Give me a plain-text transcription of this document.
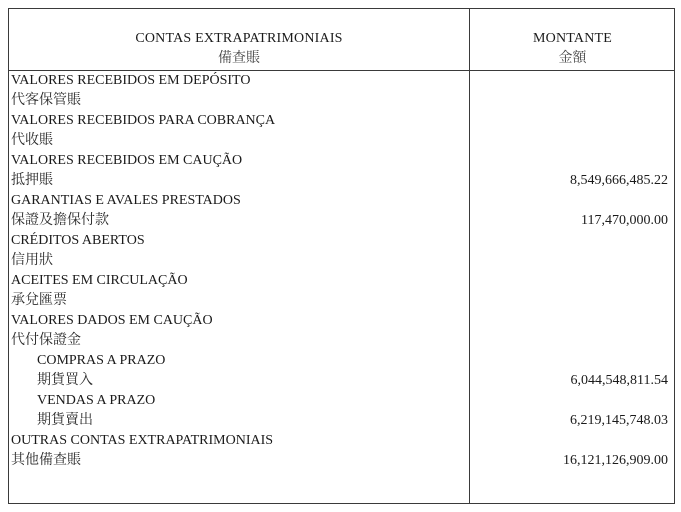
CONTAS EXTRAPATRIMONIAIS
備查賬
MONTANTE
金額
VALORES RECEBIDOS EM DEPÓSITO
代客保管賬
VALORES RECEBIDOS PARA COBRANÇA
代收賬
VALORES RECEBIDOS EM CAUÇÃO
抵押賬	8,549,666,485.22
GARANTIAS E AVALES PRESTADOS
保證及擔保付款	117,470,000.00
CRÉDITOS ABERTOS
信用狀
ACEITES EM CIRCULAÇÃO
承兌匯票
VALORES DADOS EM CAUÇÃO
代付保證金
COMPRAS A PRAZO
期貨買入	6,044,548,811.54
VENDAS A PRAZO
期貨賣出	6,219,145,748.03
OUTRAS CONTAS EXTRAPATRIMONIAIS
其他備查賬	16,121,126,909.00
